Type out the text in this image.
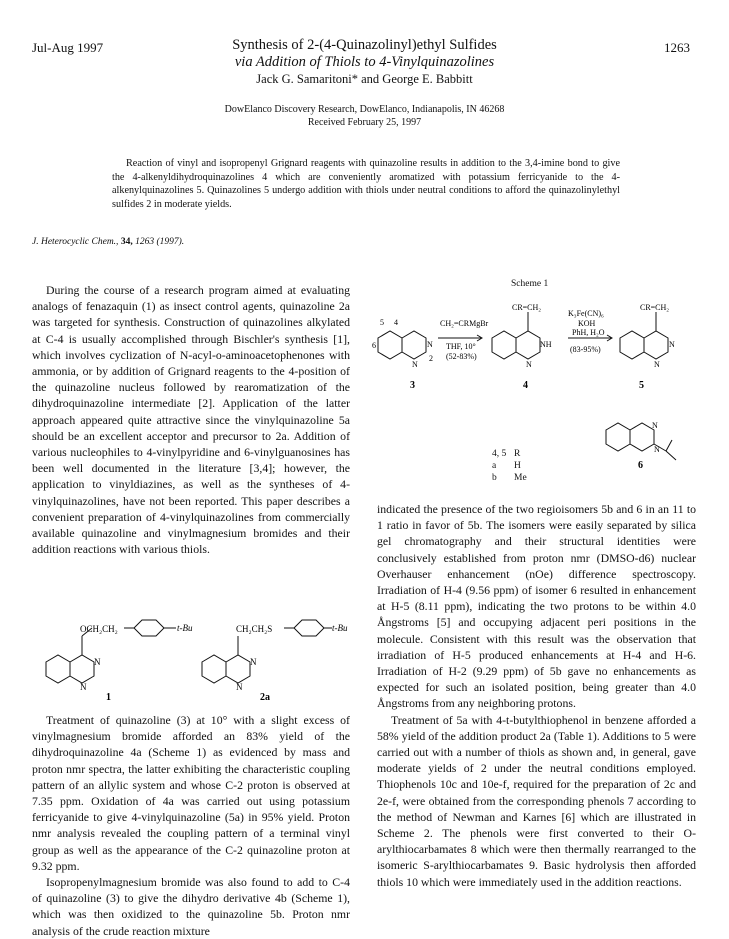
Jul-Aug 1997	1263
Synthesis of 2-(4-Quinazolinyl)ethyl Sulfides
via Addition of Thiols to 4-Vinylquinazolines
Jack G. Samaritoni* and George E. Babbitt
DowElanco Discovery Research, DowElanco, Indianapolis, IN 46268
Received February 25, 1997

Reaction of vinyl and isopropenyl Grignard reagents with quinazoline results in addition to the 3,4-imine bond to give the 4-alkenyldihydroquinazolines 4 which are conveniently aromatized with potassium ferricyanide to the 4-alkenylquinazolines 5. Quinazolines 5 undergo addition with thiols under neutral conditions to afford the quinazolinylethyl sulfides 2 in moderate yields.

J. Heterocyclic Chem., 34, 1263 (1997).

During the course of a research program aimed at evaluating analogs of fenazaquin (1) as insect control agents, quinazoline 2a was targeted for synthesis. Construction of quinazolines alkylated at C-4 is usually accomplished through Bischler's synthesis [1], which involves cyclization of N-acyl-o-aminoacetophenones with ammonia, or by addition of Grignard reagents to the 4-position of the quinazoline nucleus followed by rearomatization of the dihydroquinazoline intermediate [2]. Application of the latter approach appeared quite attractive since the vinylquinazoline 5a should be an excellent acceptor and precursor to 2a. Addition of various nucleophiles to 4-vinylpyridine and 6-vinylguanosines has been well documented in the literature [3,4]; however, the application to vinyldiazines, as well as the syntheses of 4-vinylquinazolines, have not been reported. This paper describes a convenient preparation of 4-vinylquinazolines from commercially available quinazoline and vinylmagnesium bromides and their addition reactions with various thiols.

OCH₂CH₂	t-Bu
N
N
1
CH₂CH₂S	t-Bu
N
N
2a

Treatment of quinazoline (3) at 10° with a slight excess of vinylmagnesium bromide afforded an 83% yield of the dihydroquinazoline 4a (Scheme 1) as evidenced by mass and proton nmr spectra, the latter exhibiting the characteristic coupling pattern of an allylic system and whose C-2 proton is observed at 7.35 ppm. Oxidation of 4a was carried out using potassium ferricyanide to give 4-vinylquinazoline (5a) in 95% yield. Proton nmr analysis revealed the coupling pattern of a terminal vinyl group as well as the appearance of the C-2 quinazoline proton at 9.32 ppm.

Isopropenylmagnesium bromide was also found to add to C-4 of quinazoline (3) to give the dihydro derivative 4b (Scheme 1), which was then oxidized to the quinazoline 5b. Proton nmr analysis of the crude reaction mixture

Scheme 1
4
5
6	N
N
2
3
CH₂=CRMgBr
THF, 10°
(52-83%)
CR=CH₂
NH
N
4
K₃Fe(CN)₆
KOH
PhH, H₂O
(83-95%)
CR=CH₂
N
N
5
N
N
6
4, 5 R
a	H
b	Me

indicated the presence of the two regioisomers 5b and 6 in an 11 to 1 ratio in favor of 5b. The isomers were easily separated by silica gel chromatography and their structural identities were conclusively established from proton nmr (DMSO-d6) nuclear Overhauser enhancement (nOe) difference spectroscopy. Irradiation of H-4 (9.56 ppm) of isomer 6 resulted in enhancement at H-5 (8.11 ppm), indicating the two protons to be within 4.0 Ångstroms [5] and occupying adjacent peri positions in the molecule. Consistent with this result was the observation that irradiation of H-5 produced enhancements at H-4 and H-6. Irradiation of H-2 (9.29 ppm) of 5b gave no enhancements as expected for such an isolated position, being greater than 4.0 Ångstroms from any neighboring protons.

Treatment of 5a with 4-t-butylthiophenol in benzene afforded a 58% yield of the addition product 2a (Table 1). Additions to 5 were carried out with a number of thiols as shown and, in general, gave moderate yields of 2 under the neutral conditions employed. Thiophenols 10c and 10e-f, required for the preparation of 2c and 2e-f, were obtained from the corresponding phenols 7 according to the method of Newman and Karnes [6] which are illustrated in Scheme 2. The phenols were first converted to their O-arylthiocarbamates 8 which were then thermally rearranged to the isomeric S-arylthiocarbamates 9. Basic hydrolysis then afforded thiols 10 which were immediately used in the addition reactions.
